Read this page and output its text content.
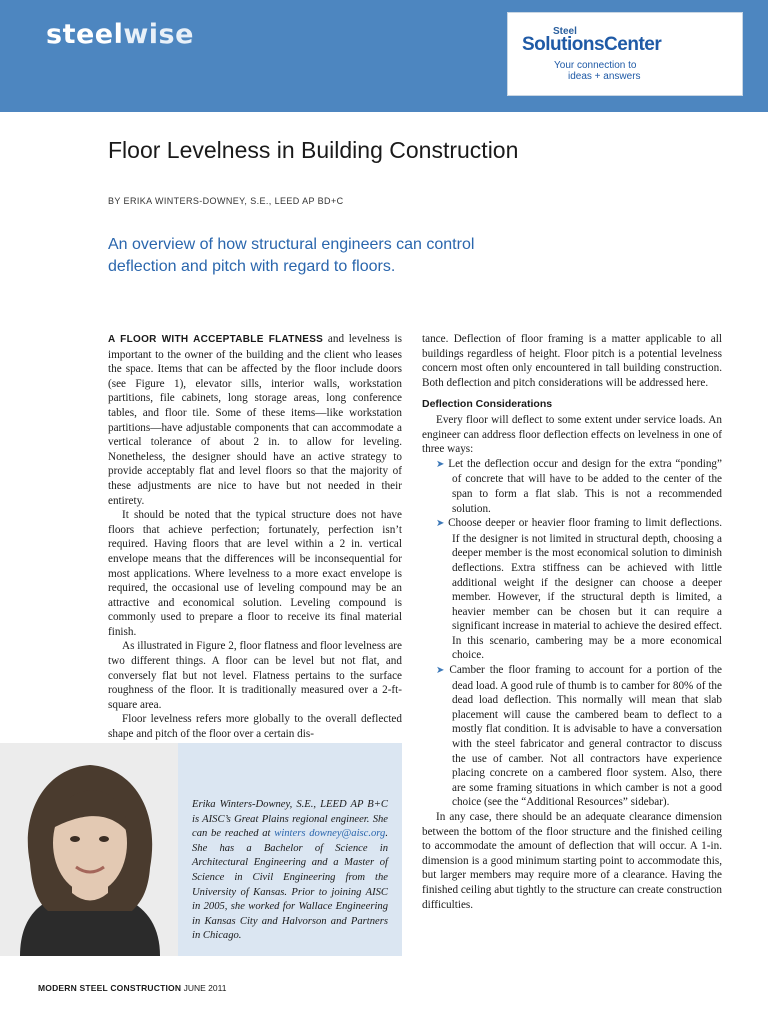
steelwise	Steel
SolutionsCenter
Your connection to
ideas + answers
Floor Levelness in Building Construction
BY ERIKA WINTERS-DOWNEY, S.E., LEED AP BD+C

An overview of how structural engineers can control

deflection and pitch with regard to floors.

A FLOOR WITH ACCEPTABLE FLATNESS and levelness is important to the owner of the building and the client who leases the space. Items that can be affected by the floor include doors (see Figure 1), elevator sills, interior walls, workstation partitions, file cabinets, long storage areas, long conference tables, and floor tile. Some of these items—like workstation partitions—have adjustable components that can accommodate a vertical tolerance of about 2 in. to allow for leveling. Nonetheless, the designer should have an active strategy to provide acceptably flat and level floors so that the majority of these adjustments are nice to have but not needed in their entirety.

It should be noted that the typical structure does not have floors that achieve perfection; fortunately, perfection isn’t required. Having floors that are level within a 2 in. vertical envelope means that the differences will be inconsequential for most applications. Where levelness to a more exact envelope is required, the occasional use of leveling compound may be an attractive and economical solution. Leveling compound is commonly used to prepare a floor to receive its final material finish.

As illustrated in Figure 2, floor flatness and floor levelness are two different things. A floor can be level but not flat, and conversely flat but not level. Flatness pertains to the surface roughness of the floor. It is traditionally measured over a 2-ft-square area.

Floor levelness refers more globally to the overall deflected shape and pitch of the floor over a certain dis-

tance. Deflection of floor framing is a matter applicable to all buildings regardless of height. Floor pitch is a potential levelness concern most often only encountered in tall building construction. Both deflection and pitch considerations will be addressed here.

Deflection Considerations

Every floor will deflect to some extent under service loads. An engineer can address floor deflection effects on levelness in one of three ways:

➤ Let the deflection occur and design for the extra “ponding” of concrete that will have to be added to the center of the span to form a flat slab. This is not a recommended solution.

➤ Choose deeper or heavier floor framing to limit deflections. If the designer is not limited in structural depth, choosing a deeper member is the most economical solution to diminish deflections. Extra stiffness can be achieved with little additional weight if the designer can choose a deeper member. However, if the structural depth is limited, a heavier member can be chosen but it can require a significant increase in material to achieve the desired effect. In this scenario, cambering may be a more economical choice.

➤ Camber the floor framing to account for a portion of the dead load. A good rule of thumb is to camber for 80% of the dead load deflection. This normally will mean that slab placement will cause the cambered beam to deflect to a mostly flat condition. It is advisable to have a conversation with the steel fabricator and general contractor to discuss the use of camber. Not all contractors have experience placing concrete on a cambered floor system. Also, there are some framing situations in which camber is not a good choice (see the “Additional Resources” sidebar).

In any case, there should be an adequate clearance dimension between the bottom of the floor structure and the finished ceiling to accommodate the amount of deflection that will occur. A 1-in. dimension is a good minimum starting point to accommodate this, but larger members may require more of a clearance. Having the finished ceiling abut tightly to the structure can create construction difficulties.

Erika Winters-Downey, S.E., LEED AP B+C is AISC’s Great Plains regional engineer. She can be reached at winters downey@aisc.org. She has a Bachelor of Science in Architectural Engineering and a Master of Science in Civil Engineering from the University of Kansas. Prior to joining AISC in 2005, she worked for Wallace Engineering in Kansas City and Halvorson and Partners in Chicago.
MODERN STEEL CONSTRUCTION JUNE 2011
